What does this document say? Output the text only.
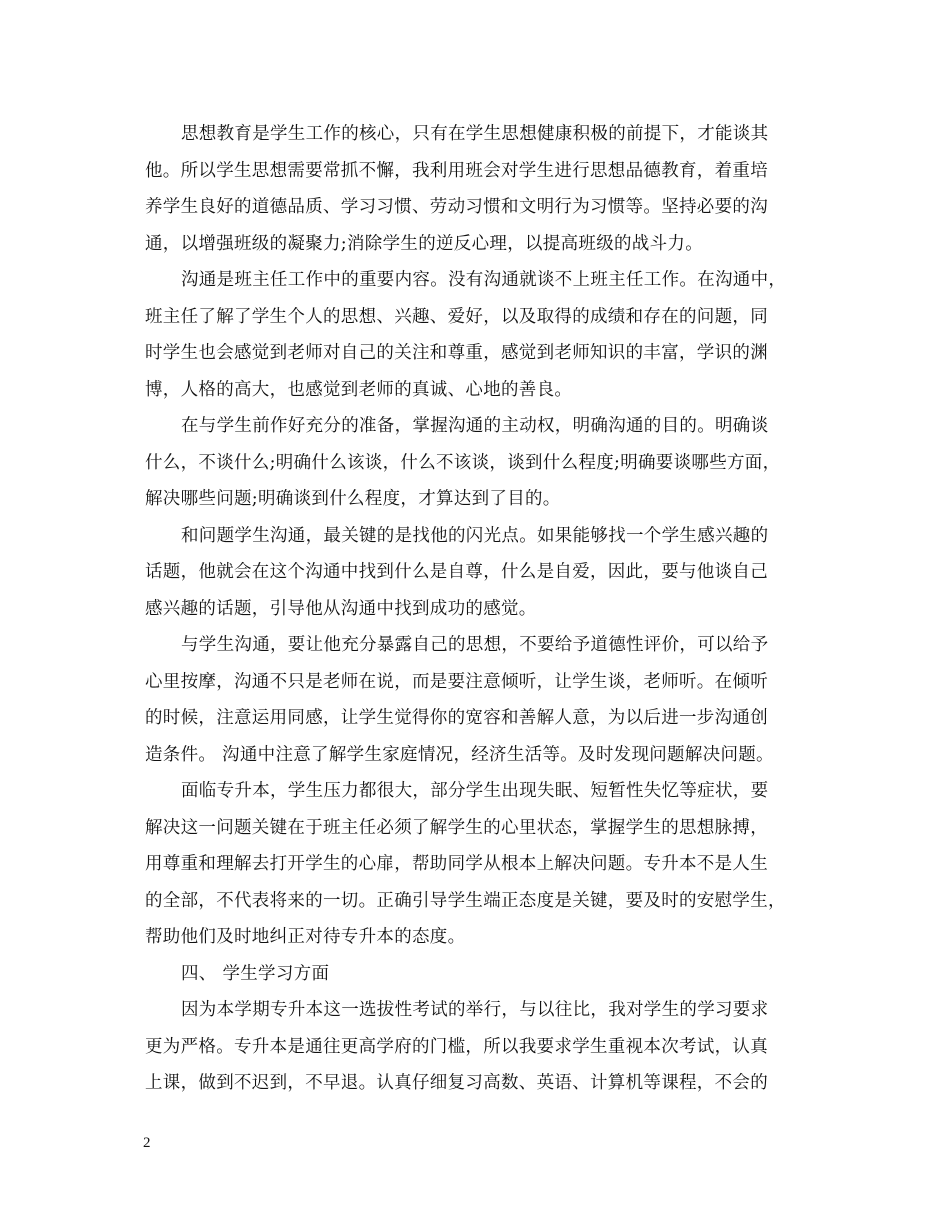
思想教育是学生工作的核心，只有在学生思想健康积极的前提下，才能谈其
他。所以学生思想需要常抓不懈，我利用班会对学生进行思想品德教育，着重培
养学生良好的道德品质、学习习惯、劳动习惯和文明行为习惯等。坚持必要的沟
通，以增强班级的凝聚力;消除学生的逆反心理，以提高班级的战斗力。

沟通是班主任工作中的重要内容。没有沟通就谈不上班主任工作。在沟通中，
班主任了解了学生个人的思想、兴趣、爱好，以及取得的成绩和存在的问题，同
时学生也会感觉到老师对自己的关注和尊重，感觉到老师知识的丰富，学识的渊
博，人格的高大，也感觉到老师的真诚、心地的善良。

在与学生前作好充分的准备，掌握沟通的主动权，明确沟通的目的。明确谈
什么，不谈什么;明确什么该谈，什么不该谈，谈到什么程度;明确要谈哪些方面，
解决哪些问题;明确谈到什么程度，才算达到了目的。

和问题学生沟通，最关键的是找他的闪光点。如果能够找一个学生感兴趣的
话题，他就会在这个沟通中找到什么是自尊，什么是自爱，因此，要与他谈自己
感兴趣的话题，引导他从沟通中找到成功的感觉。

与学生沟通，要让他充分暴露自己的思想，不要给予道德性评价，可以给予
心里按摩，沟通不只是老师在说，而是要注意倾听，让学生谈，老师听。在倾听
的时候，注意运用同感，让学生觉得你的宽容和善解人意，为以后进一步沟通创
造条件。 沟通中注意了解学生家庭情况，经济生活等。及时发现问题解决问题。

面临专升本，学生压力都很大，部分学生出现失眠、短暂性失忆等症状，要
解决这一问题关键在于班主任必须了解学生的心里状态，掌握学生的思想脉搏，
用尊重和理解去打开学生的心扉，帮助同学从根本上解决问题。专升本不是人生
的全部，不代表将来的一切。正确引导学生端正态度是关键，要及时的安慰学生，
帮助他们及时地纠正对待专升本的态度。

四、 学生学习方面

因为本学期专升本这一选拔性考试的举行，与以往比，我对学生的学习要求
更为严格。专升本是通往更高学府的门槛，所以我要求学生重视本次考试，认真
上课，做到不迟到，不早退。认真仔细复习高数、英语、计算机等课程，不会的

2
